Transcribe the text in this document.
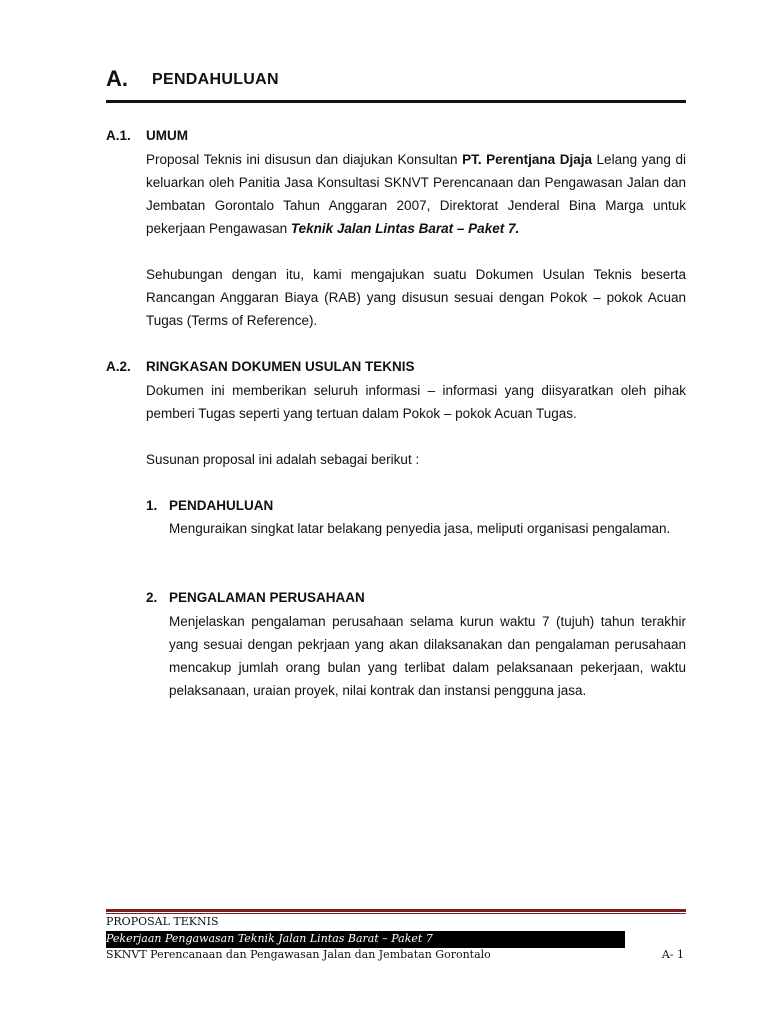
A. PENDAHULUAN
A.1. UMUM

Proposal Teknis ini disusun dan diajukan Konsultan PT. Perentjana Djaja Lelang yang di keluarkan oleh Panitia Jasa Konsultasi SKNVT Perencanaan dan Pengawasan Jalan dan Jembatan Gorontalo Tahun Anggaran 2007, Direktorat Jenderal Bina Marga untuk pekerjaan Pengawasan Teknik Jalan Lintas Barat – Paket 7.

Sehubungan dengan itu, kami mengajukan suatu Dokumen Usulan Teknis beserta Rancangan Anggaran Biaya (RAB) yang disusun sesuai dengan Pokok – pokok Acuan Tugas (Terms of Reference).

A.2. RINGKASAN DOKUMEN USULAN TEKNIS

Dokumen ini memberikan seluruh informasi – informasi yang diisyaratkan oleh pihak pemberi Tugas seperti yang tertuan dalam Pokok – pokok Acuan Tugas.

Susunan proposal ini adalah sebagai berikut :

1. PENDAHULUAN

Menguraikan singkat latar belakang penyedia jasa, meliputi organisasi pengalaman.

2. PENGALAMAN PERUSAHAAN

Menjelaskan pengalaman perusahaan selama kurun waktu 7 (tujuh) tahun terakhir yang sesuai dengan pekrjaan yang akan dilaksanakan dan pengalaman perusahaan mencakup jumlah orang bulan yang terlibat dalam pelaksanaan pekerjaan, waktu pelaksanaan, uraian proyek, nilai kontrak dan instansi pengguna jasa.

PROPOSAL TEKNIS
Pekerjaan Pengawasan Teknik Jalan Lintas Barat – Paket 7
SKNVT Perencanaan dan Pengawasan Jalan dan Jembatan Gorontalo	A- 1
